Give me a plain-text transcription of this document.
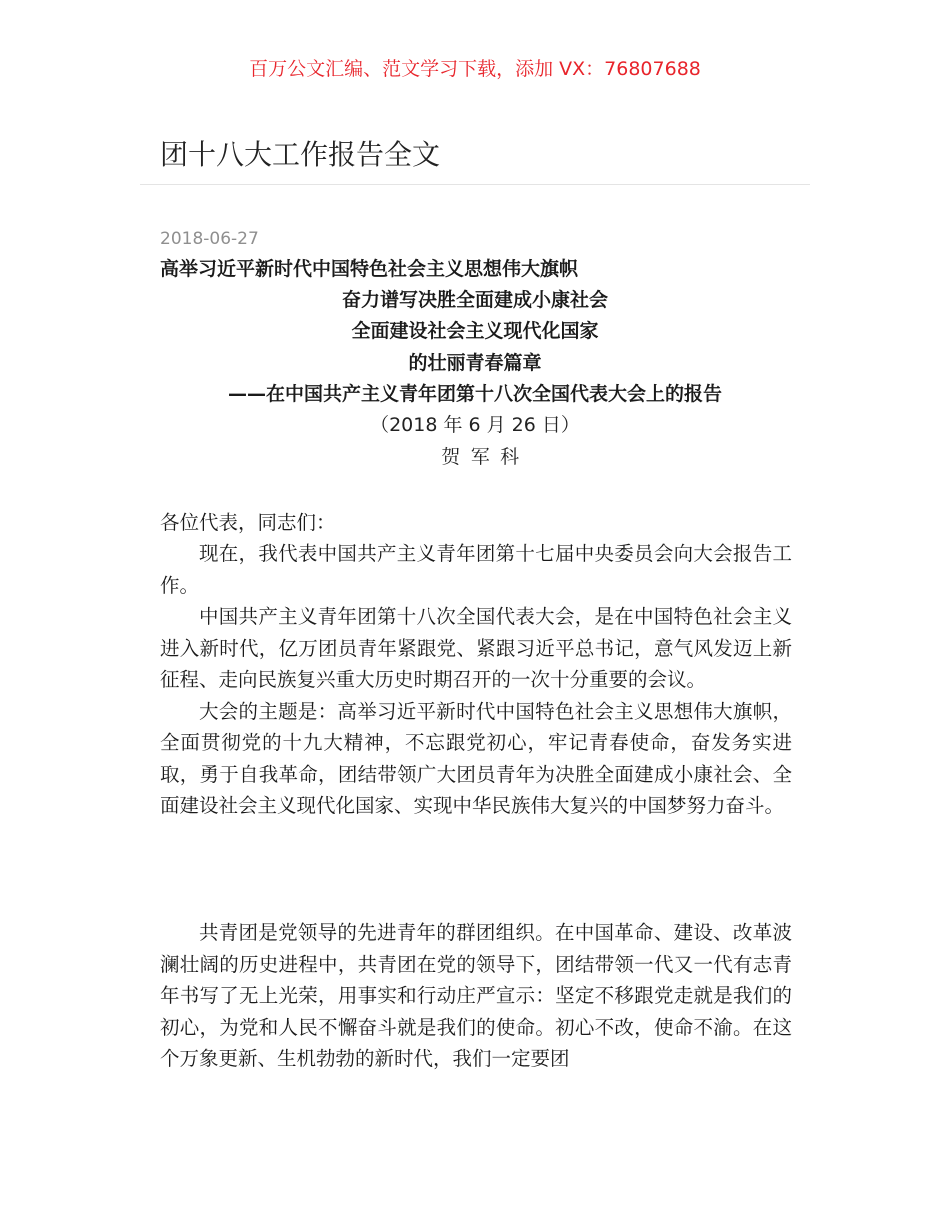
百万公文汇编、范文学习下载，添加 VX：76807688
团十八大工作报告全文
2018-06-27
高举习近平新时代中国特色社会主义思想伟大旗帜
奋力谱写决胜全面建成小康社会
全面建设社会主义现代化国家
的壮丽青春篇章
——在中国共产主义青年团第十八次全国代表大会上的报告
（2018 年 6 月 26 日）
贺军科
各位代表，同志们：

现在，我代表中国共产主义青年团第十七届中央委员会向大会报告工作。

中国共产主义青年团第十八次全国代表大会，是在中国特色社会主义进入新时代，亿万团员青年紧跟党、紧跟习近平总书记，意气风发迈上新征程、走向民族复兴重大历史时期召开的一次十分重要的会议。

大会的主题是：高举习近平新时代中国特色社会主义思想伟大旗帜，全面贯彻党的十九大精神，不忘跟党初心，牢记青春使命，奋发务实进取，勇于自我革命，团结带领广大团员青年为决胜全面建成小康社会、全面建设社会主义现代化国家、实现中华民族伟大复兴的中国梦努力奋斗。

共青团是党领导的先进青年的群团组织。在中国革命、建设、改革波澜壮阔的历史进程中，共青团在党的领导下，团结带领一代又一代有志青年书写了无上光荣，用事实和行动庄严宣示：坚定不移跟党走就是我们的初心，为党和人民不懈奋斗就是我们的使命。初心不改，使命不渝。在这个万象更新、生机勃勃的新时代，我们一定要团
